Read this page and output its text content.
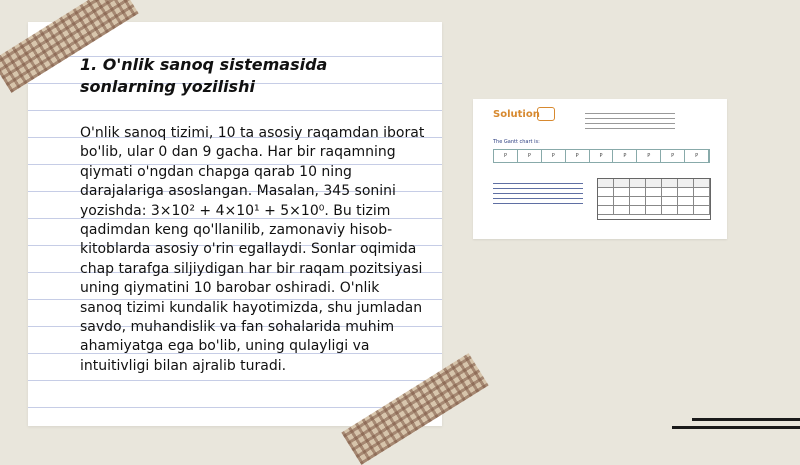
1. O'nlik sanoq sistemasida sonlarning yozilishi
O'nlik sanoq tizimi, 10 ta asosiy raqamdan iborat bo'lib, ular 0 dan 9 gacha. Har bir raqamning qiymati o'ngdan chapga qarab 10 ning darajalariga asoslangan. Masalan, 345 sonini yozishda: 3×10² + 4×10¹ + 5×10⁰. Bu tizim qadimdan keng qo'llanilib, zamonaviy hisob-kitoblarda asosiy o'rin egallaydi. Sonlar oqimida chap tarafga siljiydigan har bir raqam pozitsiyasi uning qiymatini 10 barobar oshiradi. O'nlik sanoq tizimi kundalik hayotimizda, shu jumladan savdo, muhandislik va fan sohalarida muhim ahamiyatga ega bo'lib, uning qulayligi va intuitivligi bilan ajralib turadi.
Solution
The Gantt chart is:
P	P	P	P	P	P	P	P	P
